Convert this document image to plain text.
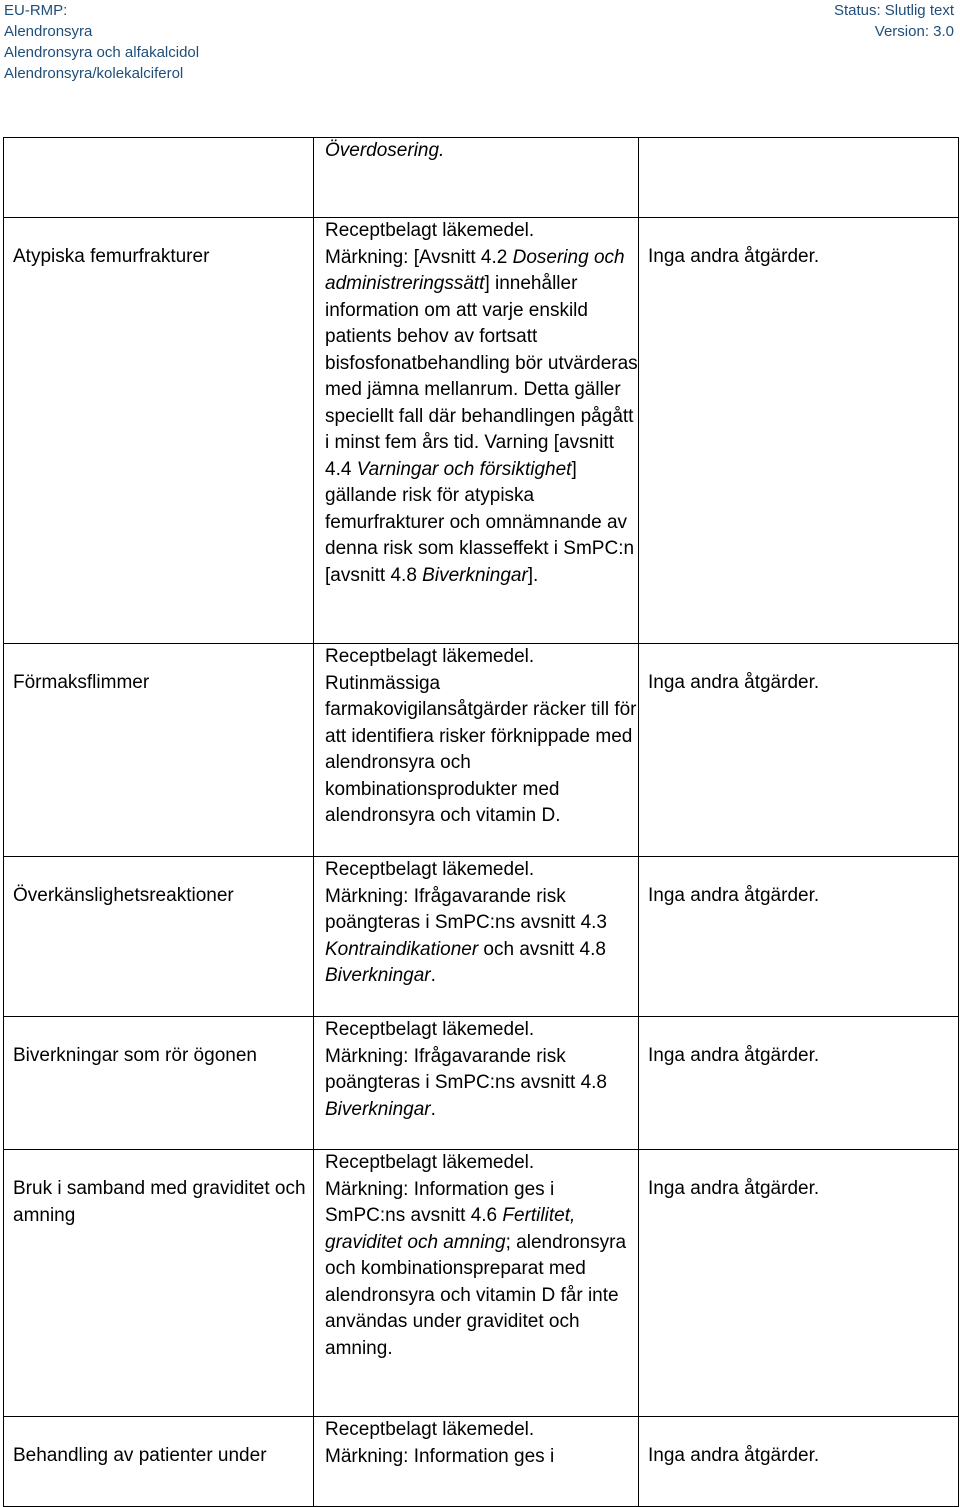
EU-RMP:
Alendronsyra
Alendronsyra och alfakalcidol
Alendronsyra/kolekalciferol
Status: Slutlig text
Version: 3.0

	Överdosering.	

Atypiska femurfrakturer	Receptbelagt läkemedel.
Märkning: [Avsnitt 4.2 Dosering och administreringssätt] innehåller information om att varje enskild patients behov av fortsatt bisfosfonatbehandling bör utvärderas med jämna mellanrum. Detta gäller speciellt fall där behandlingen pågått i minst fem års tid. Varning [avsnitt 4.4 Varningar och försiktighet] gällande risk för atypiska femurfrakturer och omnämnande av denna risk som klasseffekt i SmPC:n [avsnitt 4.8 Biverkningar].	Inga andra åtgärder.

Förmaksflimmer	Receptbelagt läkemedel.
Rutinmässiga farmakovigilansåtgärder räcker till för att identifiera risker förknippade med alendronsyra och kombinationsprodukter med alendronsyra och vitamin D.	Inga andra åtgärder.

Överkänslighetsreaktioner	Receptbelagt läkemedel.
Märkning: Ifrågavarande risk poängteras i SmPC:ns avsnitt 4.3 Kontraindikationer och avsnitt 4.8 Biverkningar.	Inga andra åtgärder.

Biverkningar som rör ögonen	Receptbelagt läkemedel.
Märkning: Ifrågavarande risk poängteras i SmPC:ns avsnitt 4.8 Biverkningar.	Inga andra åtgärder.

Bruk i samband med graviditet och amning	Receptbelagt läkemedel.
Märkning: Information ges i SmPC:ns avsnitt 4.6 Fertilitet, graviditet och amning; alendronsyra och kombinationspreparat med alendronsyra och vitamin D får inte användas under graviditet och amning.	Inga andra åtgärder.

Behandling av patienter under	Receptbelagt läkemedel.
Märkning: Information ges i	Inga andra åtgärder.
